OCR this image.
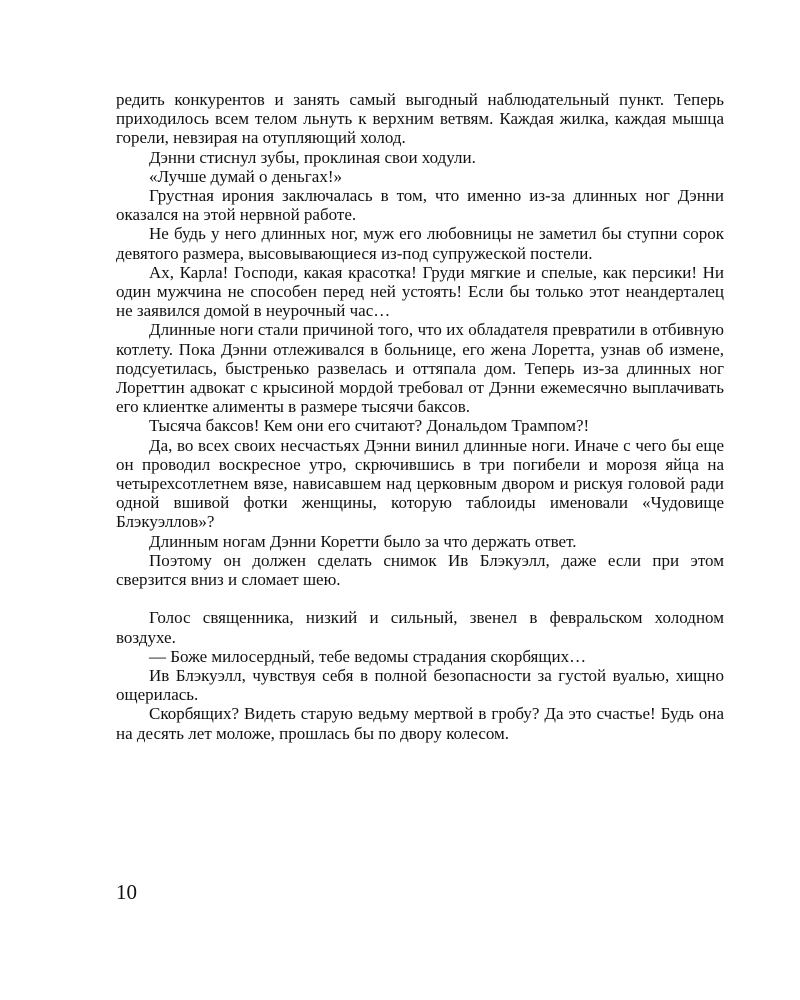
редить конкурентов и занять самый выгодный наблюдательный пункт. Теперь приходилось всем телом льнуть к верхним ветвям. Каждая жилка, каждая мышца горели, невзирая на отупляющий холод.

Дэнни стиснул зубы, проклиная свои ходули.

«Лучше думай о деньгах!»

Грустная ирония заключалась в том, что именно из-за длинных ног Дэнни оказался на этой нервной работе.

Не будь у него длинных ног, муж его любовницы не заметил бы ступни сорок девятого размера, высовывающиеся из-под супружеской постели.

Ах, Карла! Господи, какая красотка! Груди мягкие и спелые, как персики! Ни один мужчина не способен перед ней устоять! Если бы только этот неандерталец не заявился домой в неурочный час…

Длинные ноги стали причиной того, что их обладателя превратили в отбивную котлету. Пока Дэнни отлеживался в больнице, его жена Лоретта, узнав об измене, подсуетилась, быстренько развелась и оттяпала дом. Теперь из-за длинных ног Лореттин адвокат с крысиной мордой требовал от Дэнни ежемесячно выплачивать его клиентке алименты в размере тысячи баксов.

Тысяча баксов! Кем они его считают? Дональдом Трампом?!

Да, во всех своих несчастьях Дэнни винил длинные ноги. Иначе с чего бы еще он проводил воскресное утро, скрючившись в три погибели и морозя яйца на четырехсотлетнем вязе, нависавшем над церковным двором и рискуя головой ради одной вшивой фотки женщины, которую таблоиды именовали «Чудовище Блэкуэллов»?

Длинным ногам Дэнни Коретти было за что держать ответ.

Поэтому он должен сделать снимок Ив Блэкуэлл, даже если при этом сверзится вниз и сломает шею.

Голос священника, низкий и сильный, звенел в февральском холодном воздухе.

— Боже милосердный, тебе ведомы страдания скорбящих…

Ив Блэкуэлл, чувствуя себя в полной безопасности за густой вуалью, хищно ощерилась.

Скорбящих? Видеть старую ведьму мертвой в гробу? Да это счастье! Будь она на десять лет моложе, прошлась бы по двору колесом.

10
